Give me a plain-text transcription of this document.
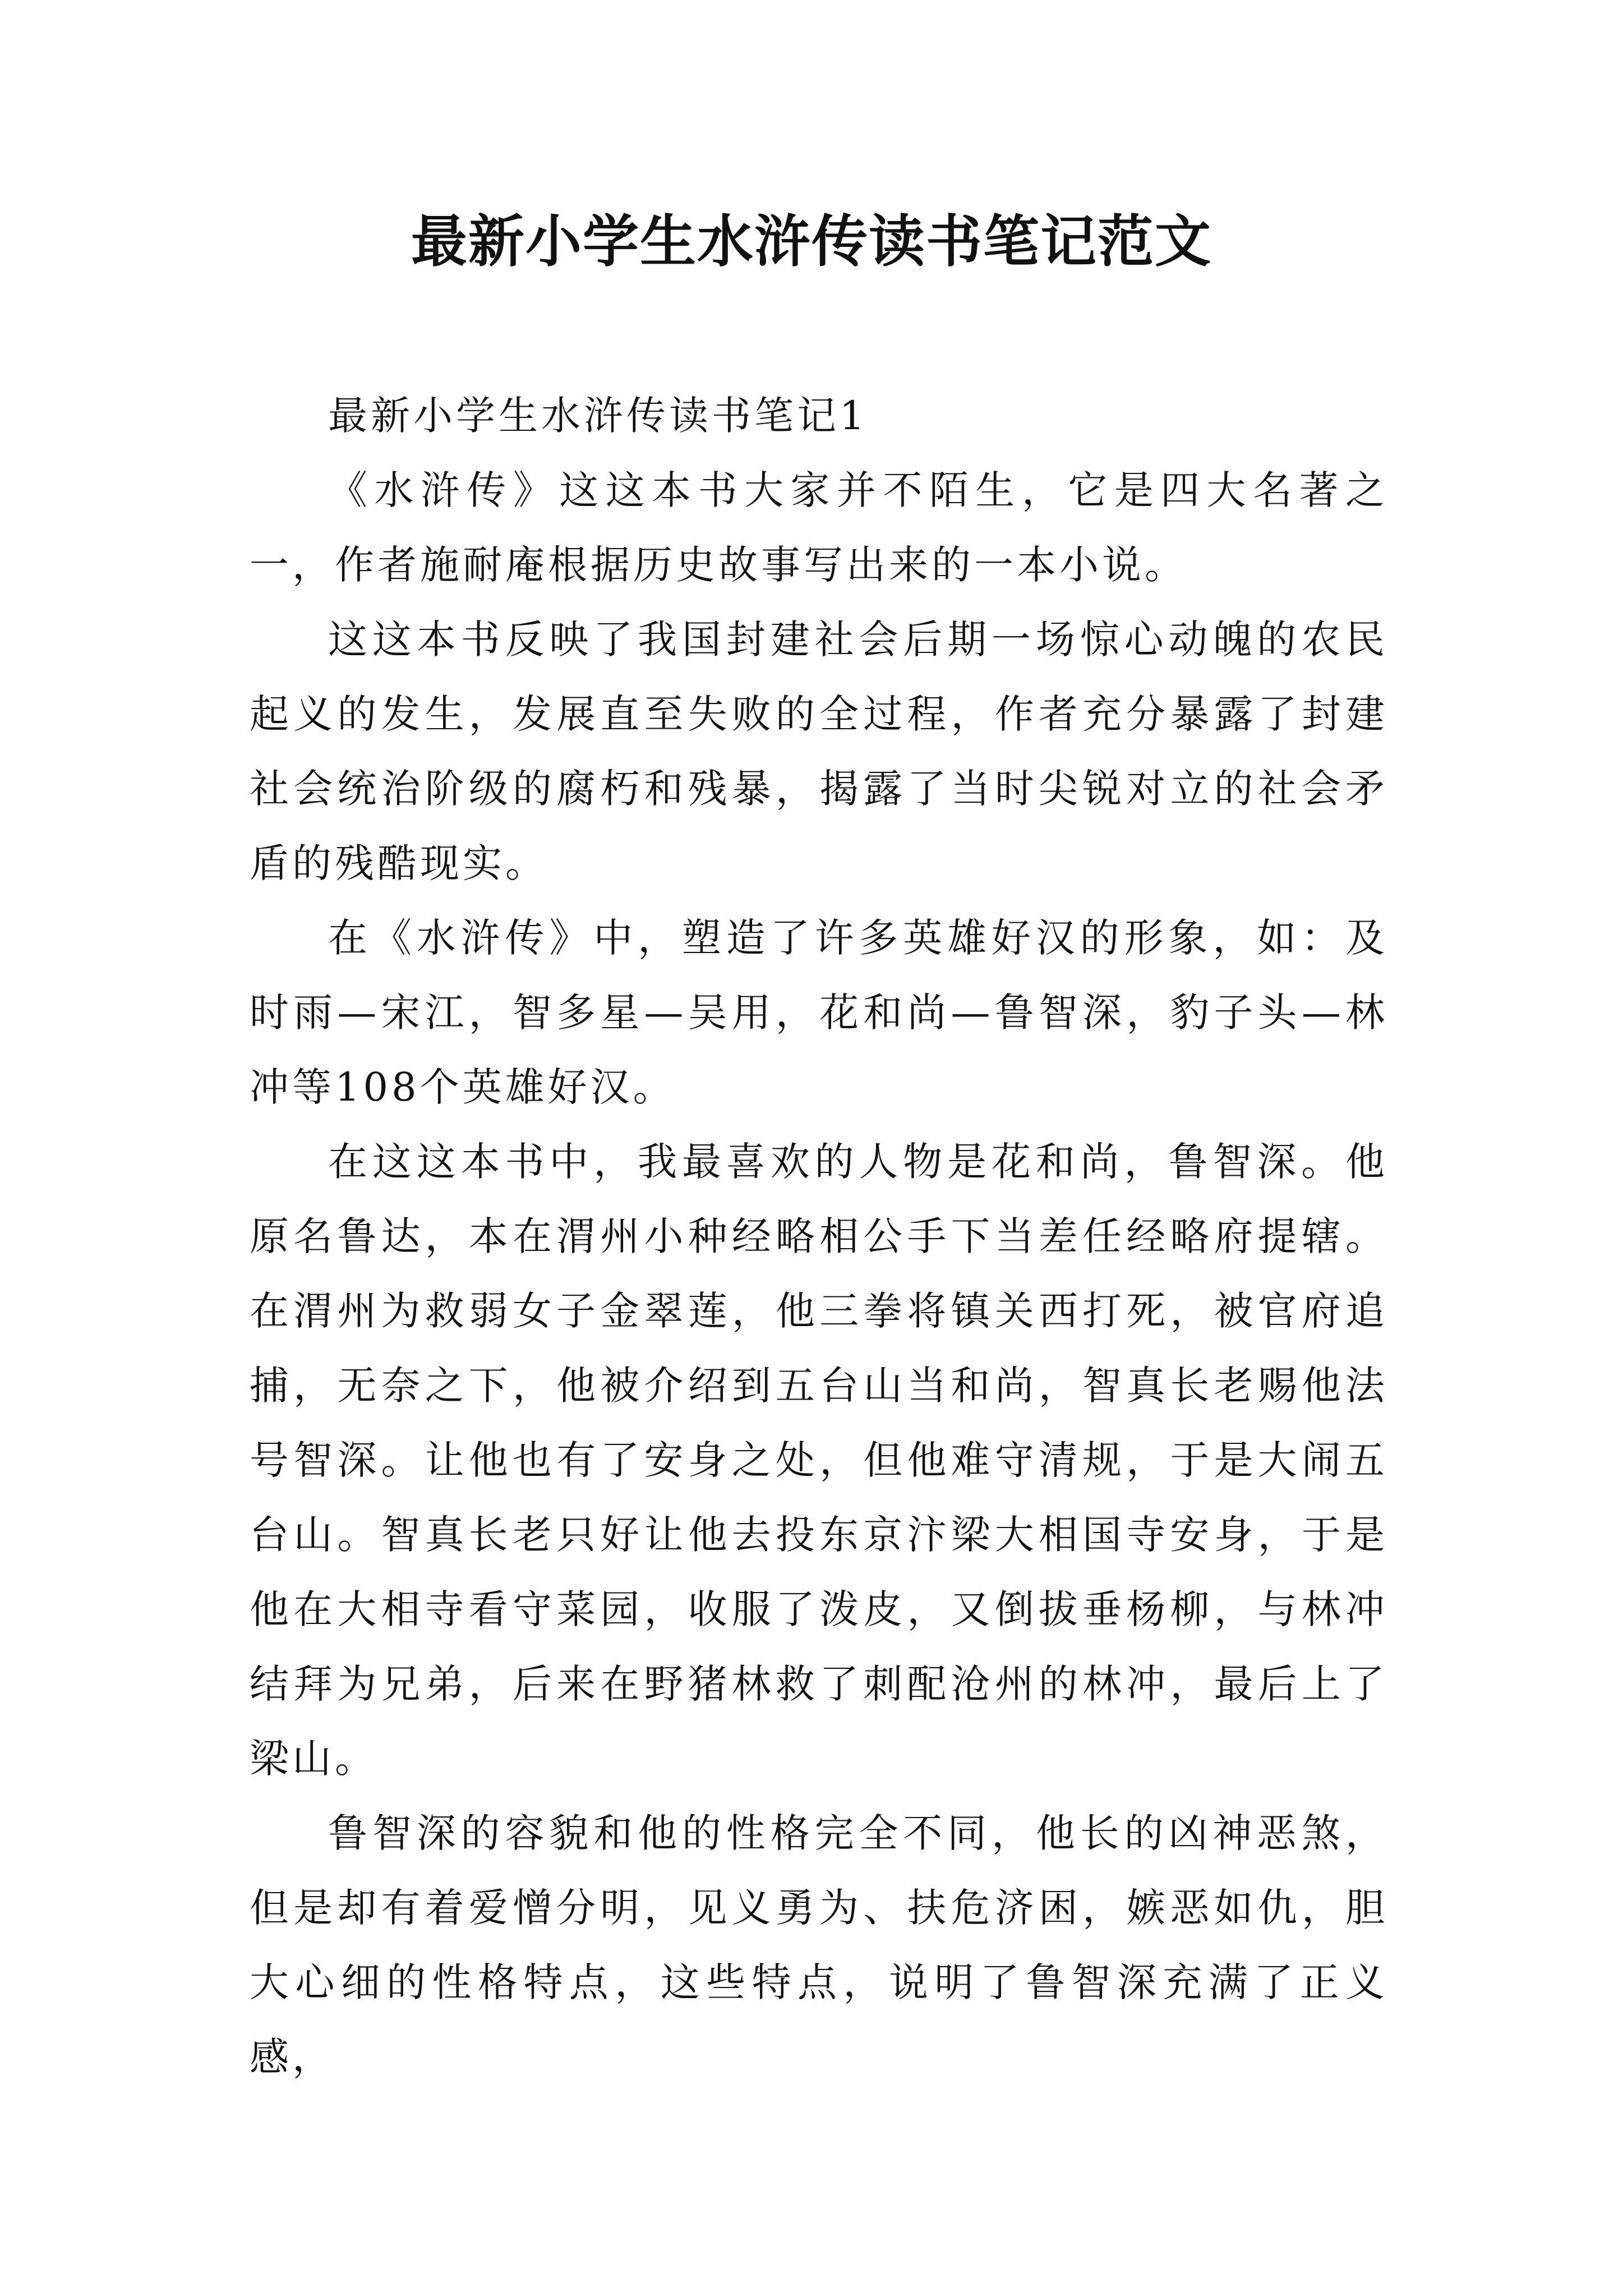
最新小学生水浒传读书笔记范文

最新小学生水浒传读书笔记1

《水浒传》这这本书大家并不陌生，它是四大名著之一，作者施耐庵根据历史故事写出来的一本小说。

这这本书反映了我国封建社会后期一场惊心动魄的农民起义的发生，发展直至失败的全过程，作者充分暴露了封建社会统治阶级的腐朽和残暴，揭露了当时尖锐对立的社会矛盾的残酷现实。

在《水浒传》中，塑造了许多英雄好汉的形象，如：及时雨—宋江，智多星—吴用，花和尚—鲁智深，豹子头—林冲等108个英雄好汉。

在这这本书中，我最喜欢的人物是花和尚，鲁智深。他原名鲁达，本在渭州小种经略相公手下当差任经略府提辖。在渭州为救弱女子金翠莲，他三拳将镇关西打死，被官府追捕，无奈之下，他被介绍到五台山当和尚，智真长老赐他法号智深。让他也有了安身之处，但他难守清规，于是大闹五台山。智真长老只好让他去投东京汴梁大相国寺安身，于是他在大相寺看守菜园，收服了泼皮，又倒拔垂杨柳，与林冲结拜为兄弟，后来在野猪林救了刺配沧州的林冲，最后上了梁山。

鲁智深的容貌和他的性格完全不同，他长的凶神恶煞，但是却有着爱憎分明，见义勇为、扶危济困，嫉恶如仇，胆大心细的性格特点，这些特点，说明了鲁智深充满了正义感，
